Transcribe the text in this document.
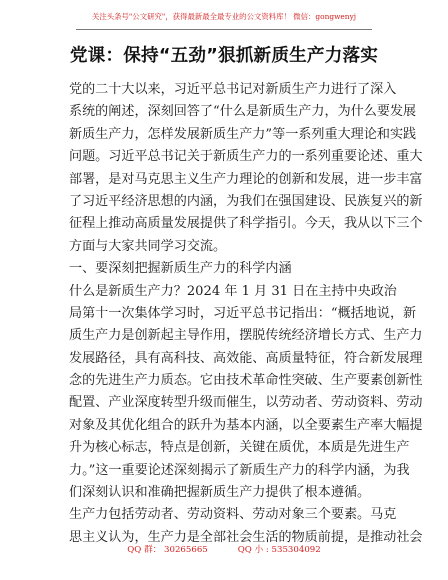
关注头条号"公文研究"，获得最新最全最专业的公文资料库！ 微信：gongwenyj
党课：保持“五劲”狠抓新质生产力落实
党的二十大以来，习近平总书记对新质生产力进行了深入
系统的阐述，深刻回答了“什么是新质生产力，为什么要发展
新质生产力，怎样发展新质生产力”等一系列重大理论和实践
问题。习近平总书记关于新质生产力的一系列重要论述、重大
部署，是对马克思主义生产力理论的创新和发展，进一步丰富
了习近平经济思想的内涵，为我们在强国建设、民族复兴的新
征程上推动高质量发展提供了科学指引。今天，我从以下三个
方面与大家共同学习交流。
一、要深刻把握新质生产力的科学内涵
什么是新质生产力？2024 年 1 月 31 日在主持中央政治
局第十一次集体学习时，习近平总书记指出：“概括地说，新
质生产力是创新起主导作用，摆脱传统经济增长方式、生产力
发展路径，具有高科技、高效能、高质量特征，符合新发展理
念的先进生产力质态。它由技术革命性突破、生产要素创新性
配置、产业深度转型升级而催生，以劳动者、劳动资料、劳动
对象及其优化组合的跃升为基本内涵，以全要素生产率大幅提
升为核心标志，特点是创新，关键在质优，本质是先进生产
力。”这一重要论述深刻揭示了新质生产力的科学内涵，为我
们深刻认识和准确把握新质生产力提供了根本遵循。
生产力包括劳动者、劳动资料、劳动对象三个要素。马克
思主义认为，生产力是全部社会生活的物质前提，是推动社会
QQ 群： 30265665	QQ 小 : 535304092
